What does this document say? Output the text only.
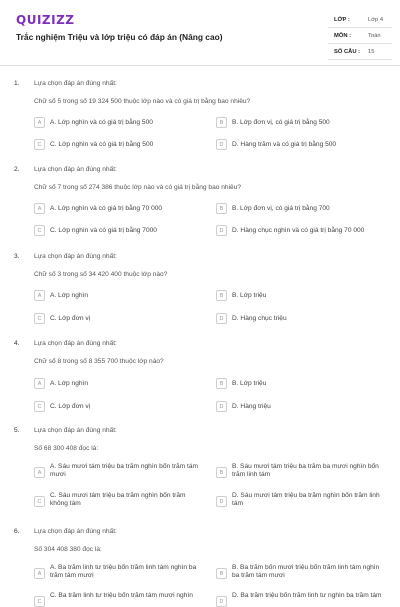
QUIZIZZ
Trắc nghiệm Triệu và lớp triệu có đáp án (Nâng cao)
LỚP :	Lớp 4
MÔN :	Toán
SỐ CÂU : 15
1. Lựa chọn đáp án đúng nhất:
Chữ số 5 trong số 19 324 500 thuộc lớp nào và có giá trị bằng bao nhiêu?
A	A. Lớp nghìn và có giá trị bằng 500	B	B. Lớp đơn vị, có giá trị bằng 500
C	C. Lớp nghìn và có giá trị bằng 500	D	D. Hàng trăm và có giá trị bằng 500
2. Lựa chọn đáp án đúng nhất:
Chữ số 7 trong số 274 386 thuộc lớp nào và có giá trị bằng bao nhiêu?
A	A. Lớp nghìn và có giá trị bằng 70 000	B	B. Lớp đơn vị, có giá trị bằng 700
C	C. Lớp nghìn và có giá trị bằng 7000	D	D. Hàng chục nghìn và có giá trị bằng 70 000
3. Lựa chọn đáp án đúng nhất:
Chữ số 3 trong số 34 420 400 thuộc lớp nào?
A	A. Lớp nghìn	B	B. Lớp triệu
C	C. Lớp đơn vị	D	D. Hàng chục triệu
4. Lựa chọn đáp án đúng nhất:
Chữ số 8 trong số 8 355 700 thuộc lớp nào?
A	A. Lớp nghìn	B	B. Lớp triệu
C	C. Lớp đơn vị	D	D. Hàng triệu
5. Lựa chọn đáp án đúng nhất:
Số 68 300 408 đọc là:
A
A. Sáu mươi tám triệu ba trăm nghìn bốn trăm tám mươi	B
B. Sáu mươi tám triệu ba trăm ba mươi nghìn bốn trăm linh tám
C
C. Sáu mươi tám triệu ba trăm nghìn bốn trăm không tám	D
D. Sáu mươi tám triệu ba trăm nghìn bốn trăm linh tám
6. Lựa chọn đáp án đúng nhất:
Số 304 408 380 đọc là:
A
A. Ba trăm linh tư triệu bốn trăm linh tám nghìn ba trăm tám mươi	B
B. Ba trăm bốn mươi triệu bốn trăm linh tám nghìn ba trăm tám mươi
C
C. Ba trăm linh tư triệu bốn trăm tám mươi nghìn
D
D. Ba trăm triệu bốn trăm linh tư nghìn ba trăm tám
